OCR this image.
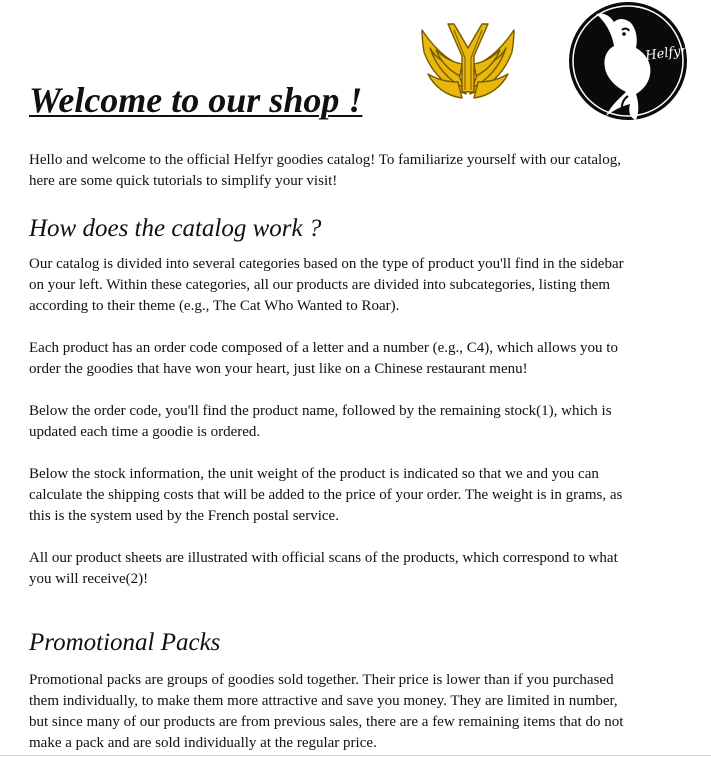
Helfyr
Welcome to our shop !

Hello and welcome to the official Helfyr goodies catalog! To familiarize yourself with our catalog, here are some quick tutorials to simplify your visit!

How does the catalog work ?

Our catalog is divided into several categories based on the type of product you'll find in the sidebar on your left. Within these categories, all our products are divided into subcategories, listing them according to their theme (e.g., The Cat Who Wanted to Roar).

Each product has an order code composed of a letter and a number (e.g., C4), which allows you to order the goodies that have won your heart, just like on a Chinese restaurant menu!

Below the order code, you'll find the product name, followed by the remaining stock(1), which is updated each time a goodie is ordered.

Below the stock information, the unit weight of the product is indicated so that we and you can calculate the shipping costs that will be added to the price of your order. The weight is in grams, as this is the system used by the French postal service.

All our product sheets are illustrated with official scans of the products, which correspond to what you will receive(2)!

Promotional Packs

Promotional packs are groups of goodies sold together. Their price is lower than if you purchased them individually, to make them more attractive and save you money. They are limited in number, but since many of our products are from previous sales, there are a few remaining items that do not make a pack and are sold individually at the regular price.
